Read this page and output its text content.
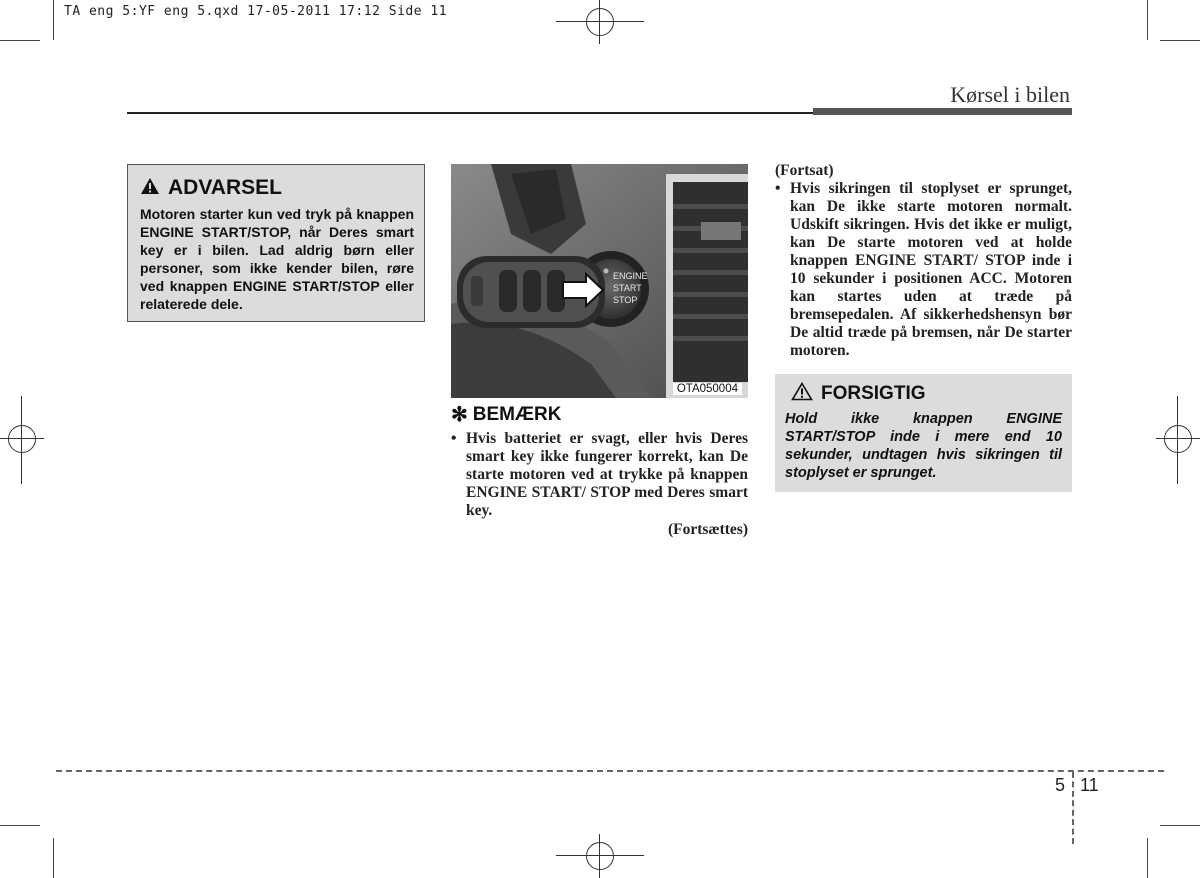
TA eng 5:YF eng 5.qxd 17-05-2011 17:12 Side 11
Kørsel i bilen
ADVARSEL
Motoren starter kun ved tryk på knappen ENGINE START/STOP, når Deres smart key er i bilen. Lad aldrig børn eller personer, som ikke kender bilen, røre ved knappen ENGINE START/STOP eller relaterede dele.
ENGINE
START
STOP
OTA050004
✻ BEMÆRK
• Hvis batteriet er svagt, eller hvis Deres smart key ikke fungerer korrekt, kan De starte motoren ved at trykke på knappen ENGINE START/ STOP med Deres smart key.
(Fortsættes)
(Fortsat)
• Hvis sikringen til stoplyset er sprunget, kan De ikke starte motoren normalt. Udskift sikringen. Hvis det ikke er muligt, kan De starte motoren ved at holde knappen ENGINE START/ STOP inde i 10 sekunder i positionen ACC. Motoren kan startes uden at træde på bremsepedalen. Af sikkerhedshensyn bør De altid træde på bremsen, når De starter motoren.
FORSIGTIG
Hold ikke knappen ENGINE START/STOP inde i mere end 10 sekunder, undtagen hvis sikringen til stoplyset er sprunget.
5 11
